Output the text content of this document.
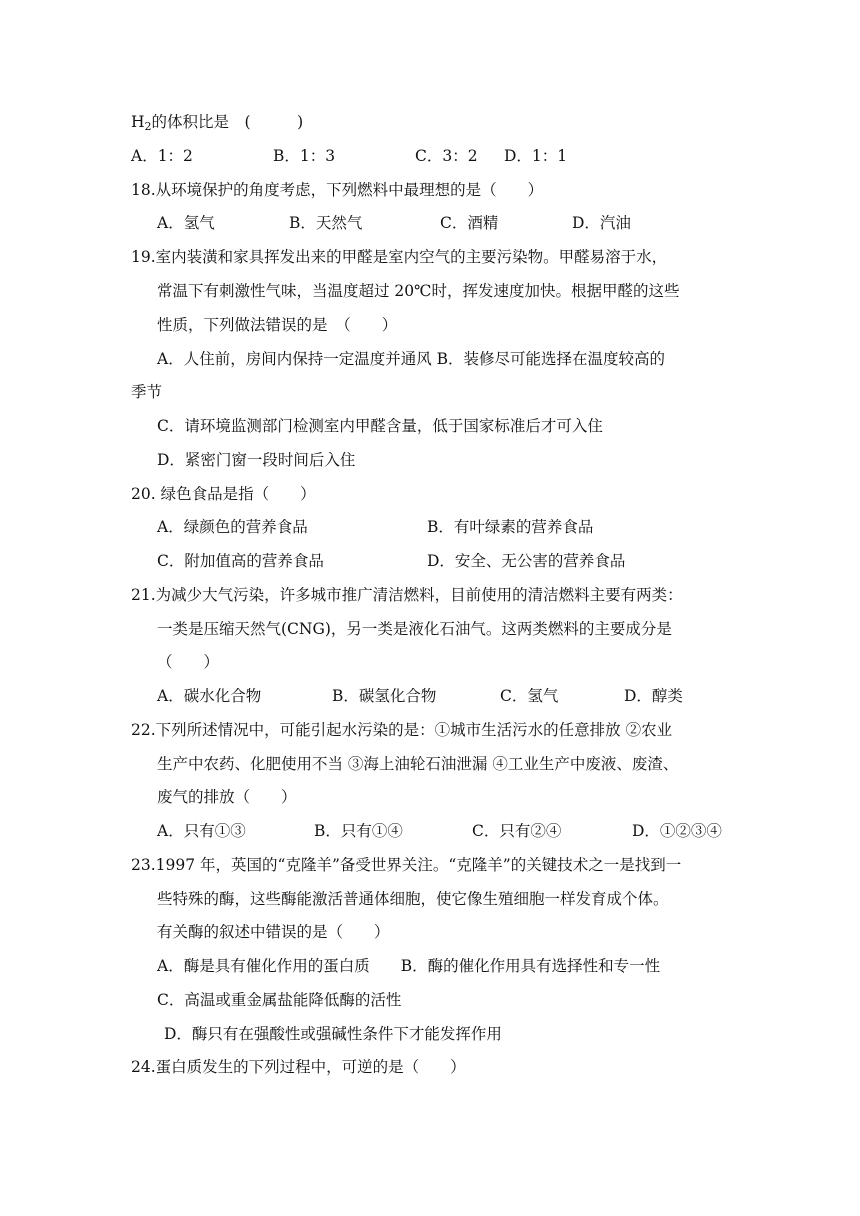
$H_2$的体积比是　(　　　)
A．1：2	B．1：3	C．3：2 D．1：1
18.从环境保护的角度考虑，下列燃料中最理想的是（　　）
A．氢气	B．天然气	C．酒精	D．汽油
19.室内装潢和家具挥发出来的甲醛是室内空气的主要污染物。甲醛易溶于水，
常温下有刺激性气味，当温度超过 20℃时，挥发速度加快。根据甲醛的这些
性质，下列做法错误的是　（　　）
A．人住前，房间内保持一定温度并通风 B．装修尽可能选择在温度较高的
季节
C．请环境监测部门检测室内甲醛含量，低于国家标准后才可入住
D．紧密门窗一段时间后入住
20. 绿色食品是指（　　）
A．绿颜色的营养食品	B．有叶绿素的营养食品
C．附加值高的营养食品	D．安全、无公害的营养食品
21.为减少大气污染，许多城市推广清洁燃料，目前使用的清洁燃料主要有两类：
一类是压缩天然气(CNG)，另一类是液化石油气。这两类燃料的主要成分是
（　　）
A．碳水化合物	B．碳氢化合物	C．氢气	D．醇类
22.下列所述情况中，可能引起水污染的是：①城市生活污水的任意排放 ②农业
生产中农药、化肥使用不当 ③海上油轮石油泄漏 ④工业生产中废液、废渣、
废气的排放（　　）
A．只有①③	B．只有①④	C．只有②④	D．①②③④
23.1997 年，英国的“克隆羊”备受世界关注。“克隆羊”的关键技术之一是找到一
些特殊的酶，这些酶能激活普通体细胞，使它像生殖细胞一样发育成个体。
有关酶的叙述中错误的是（　　）
A．酶是具有催化作用的蛋白质　　B．酶的催化作用具有选择性和专一性
C．高温或重金属盐能降低酶的活性
D．酶只有在强酸性或强碱性条件下才能发挥作用
24.蛋白质发生的下列过程中，可逆的是（　　）
